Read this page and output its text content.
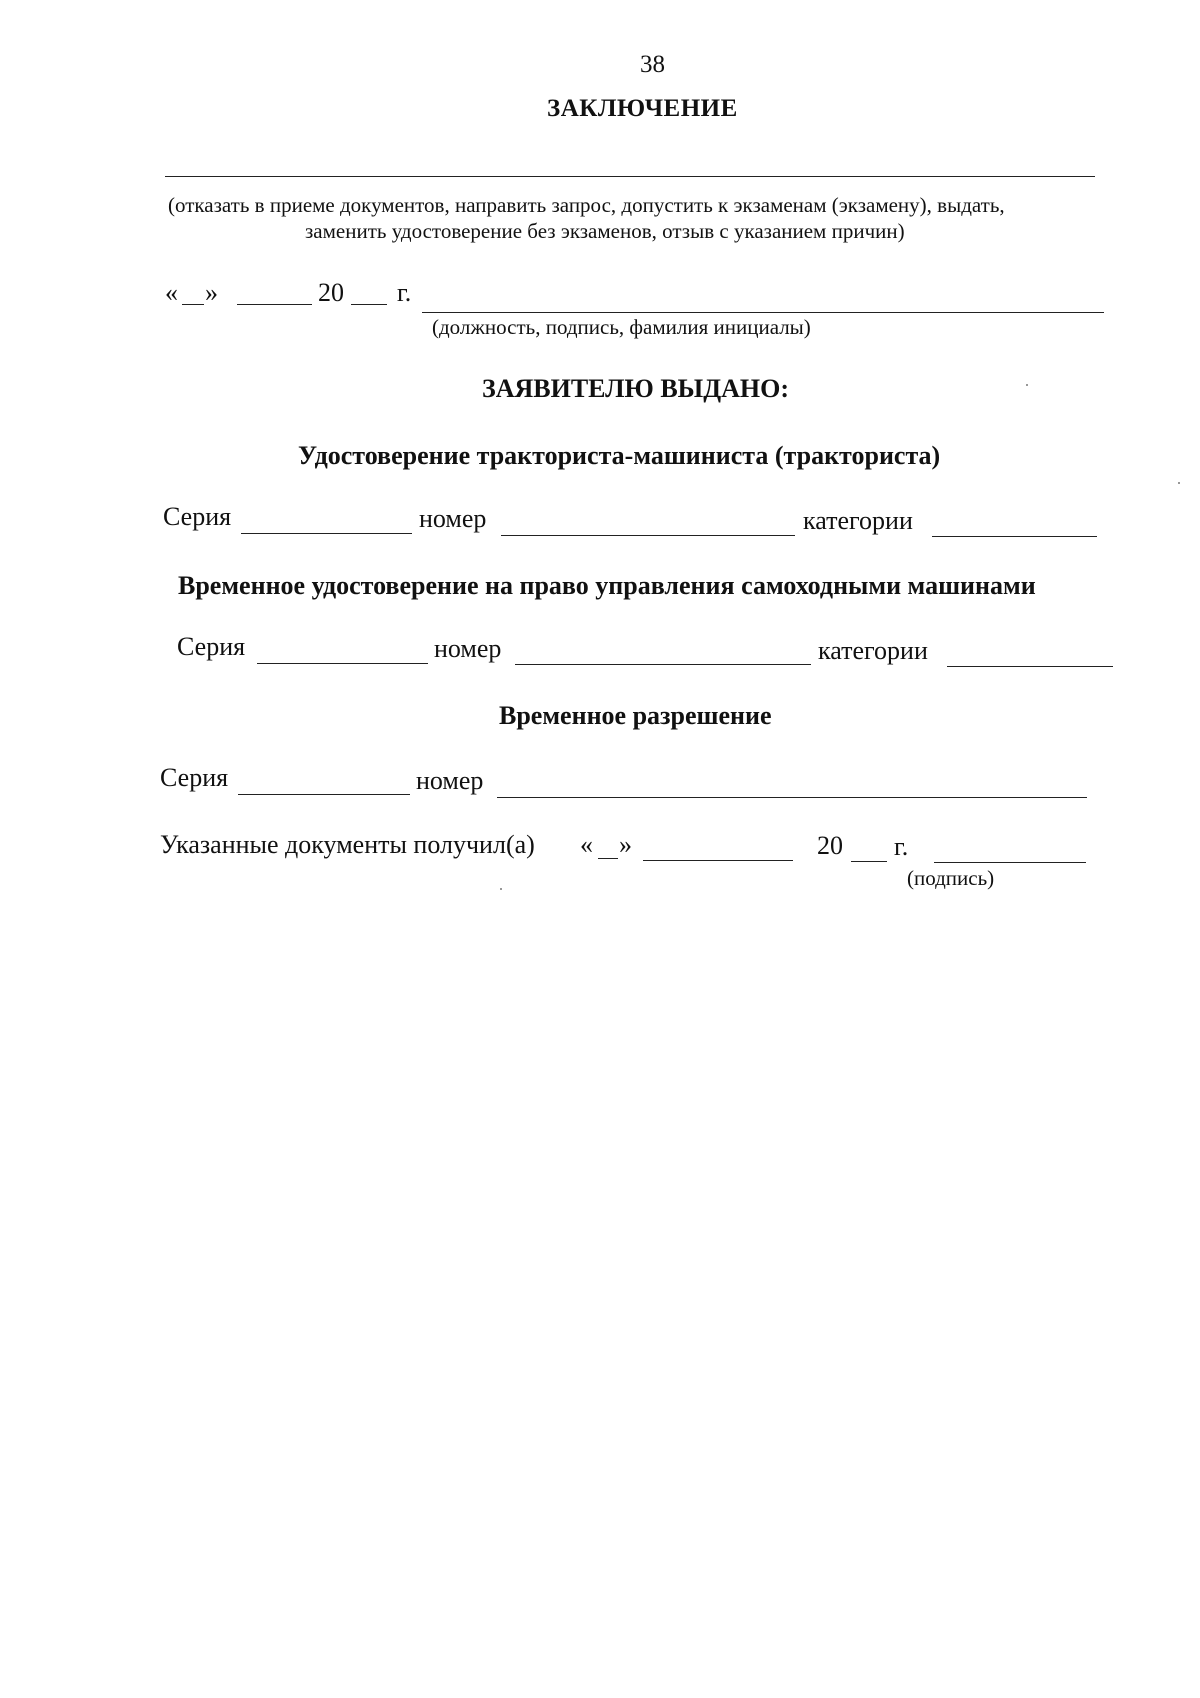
38
ЗАКЛЮЧЕНИЕ
(отказать в приеме документов, направить запрос, допустить к экзаменам (экзамену), выдать,
заменить удостоверение без экзаменов, отзыв с указанием причин)
« »	20 г.
(должность, подпись, фамилия инициалы)
ЗАЯВИТЕЛЮ ВЫДАНО:
Удостоверение тракториста-машиниста (тракториста)
Серия	номер	категории
Временное удостоверение на право управления самоходными машинами
Серия	номер	категории
Временное разрешение
Серия	номер
Указанные документы получил(а) « »	20 г.
(подпись)
